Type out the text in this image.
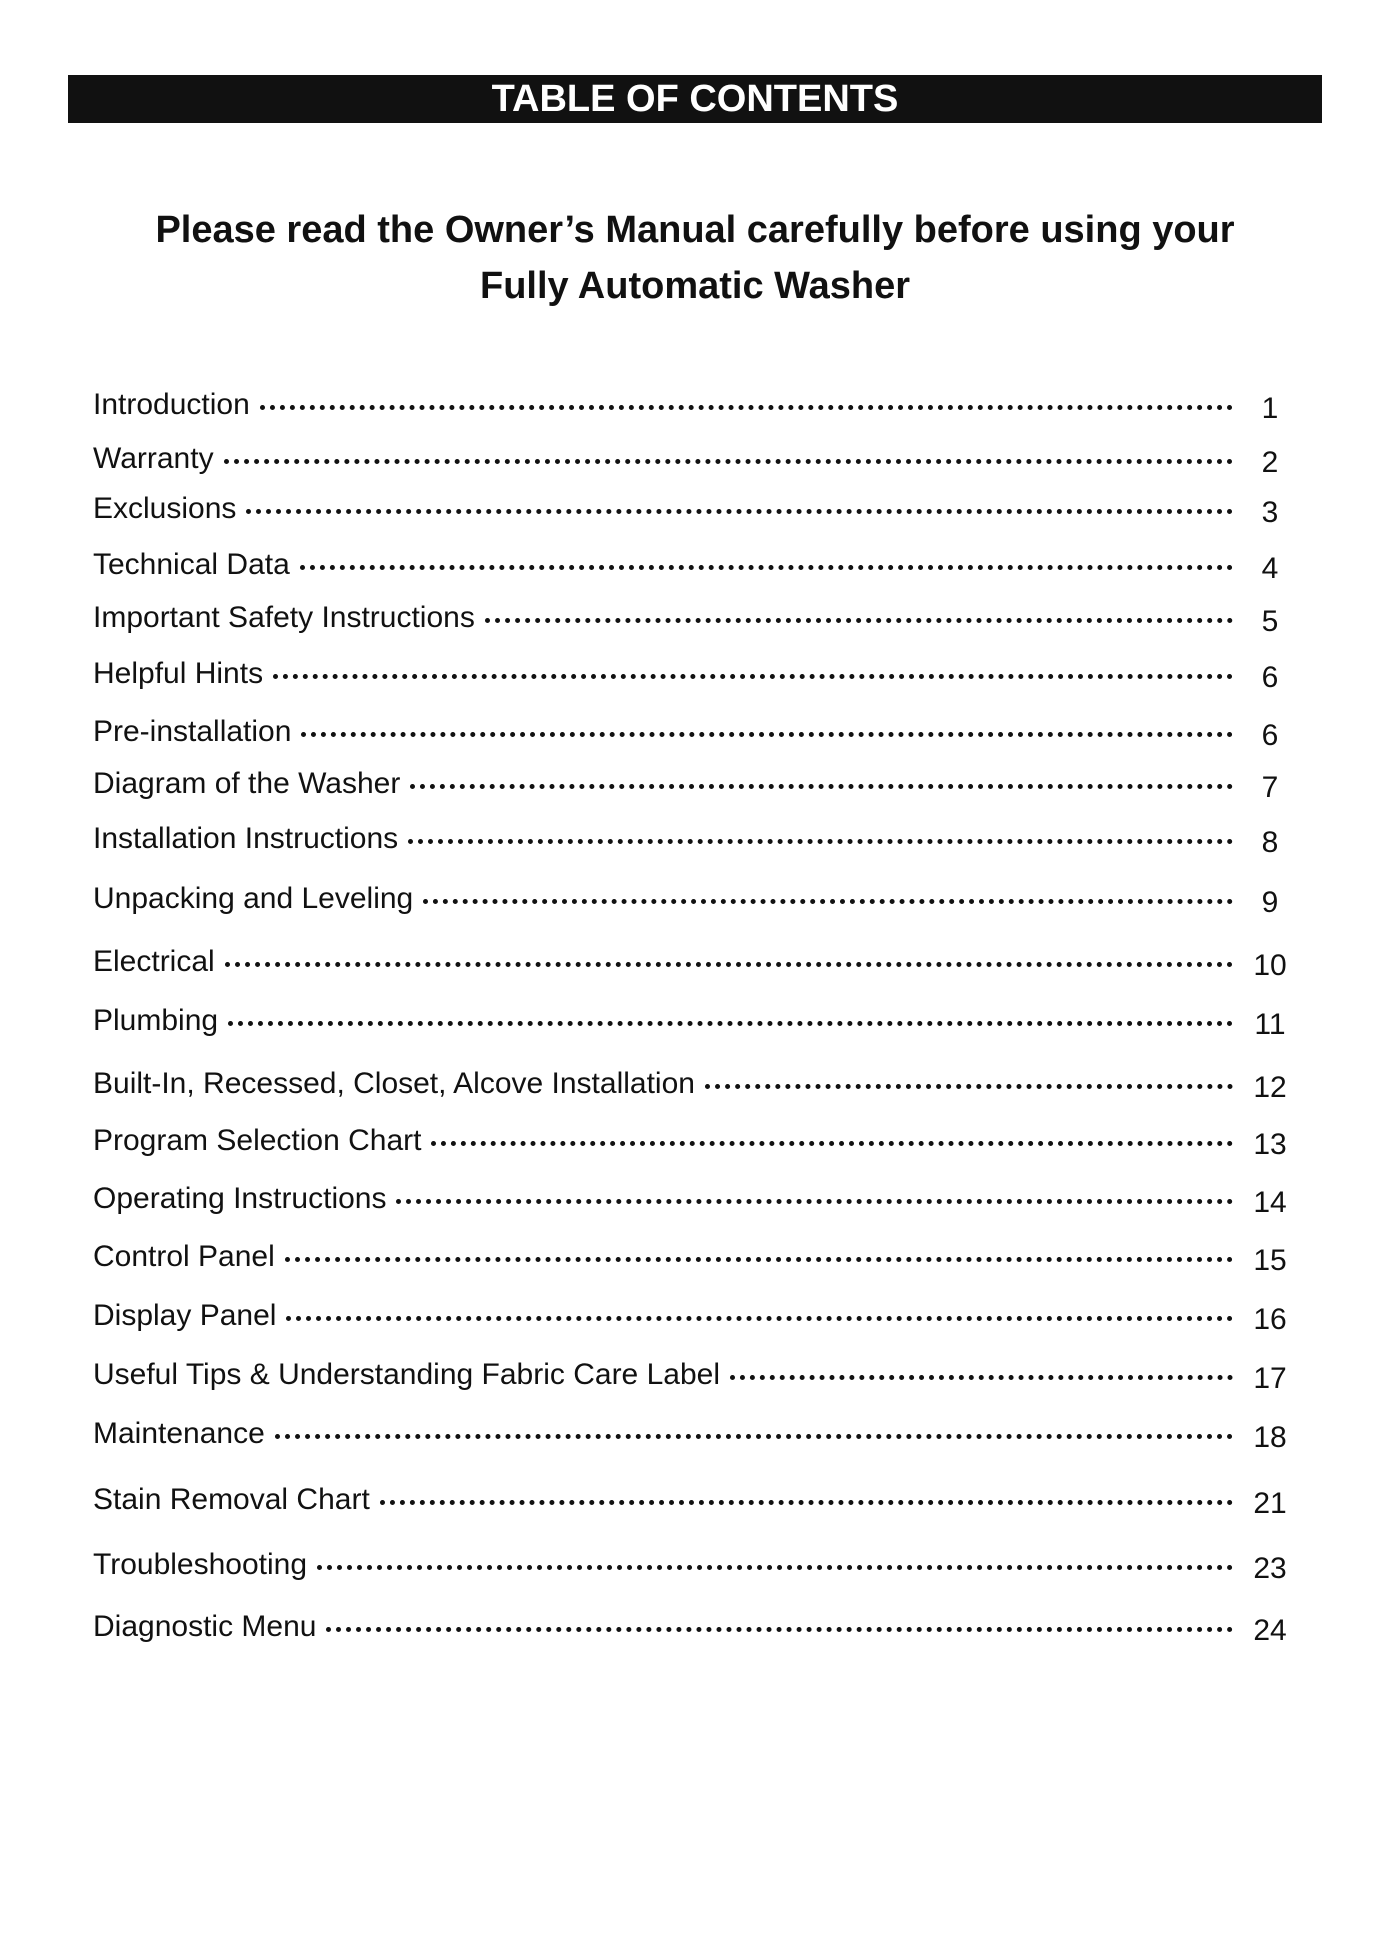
TABLE OF CONTENTS
Please read the Owner’s Manual carefully before using your
Fully Automatic Washer
Introduction	1
Warranty	2
Exclusions	3
Technical Data	4
Important Safety Instructions	5
Helpful Hints	6
Pre-installation	6
Diagram of the Washer	7
Installation Instructions	8
Unpacking and Leveling	9
Electrical	10
Plumbing	11
Built-In, Recessed, Closet, Alcove Installation	12
Program Selection Chart	13
Operating Instructions	14
Control Panel	15
Display Panel	16
Useful Tips & Understanding Fabric Care Label	17
Maintenance	18
Stain Removal Chart	21
Troubleshooting	23
Diagnostic Menu	24
